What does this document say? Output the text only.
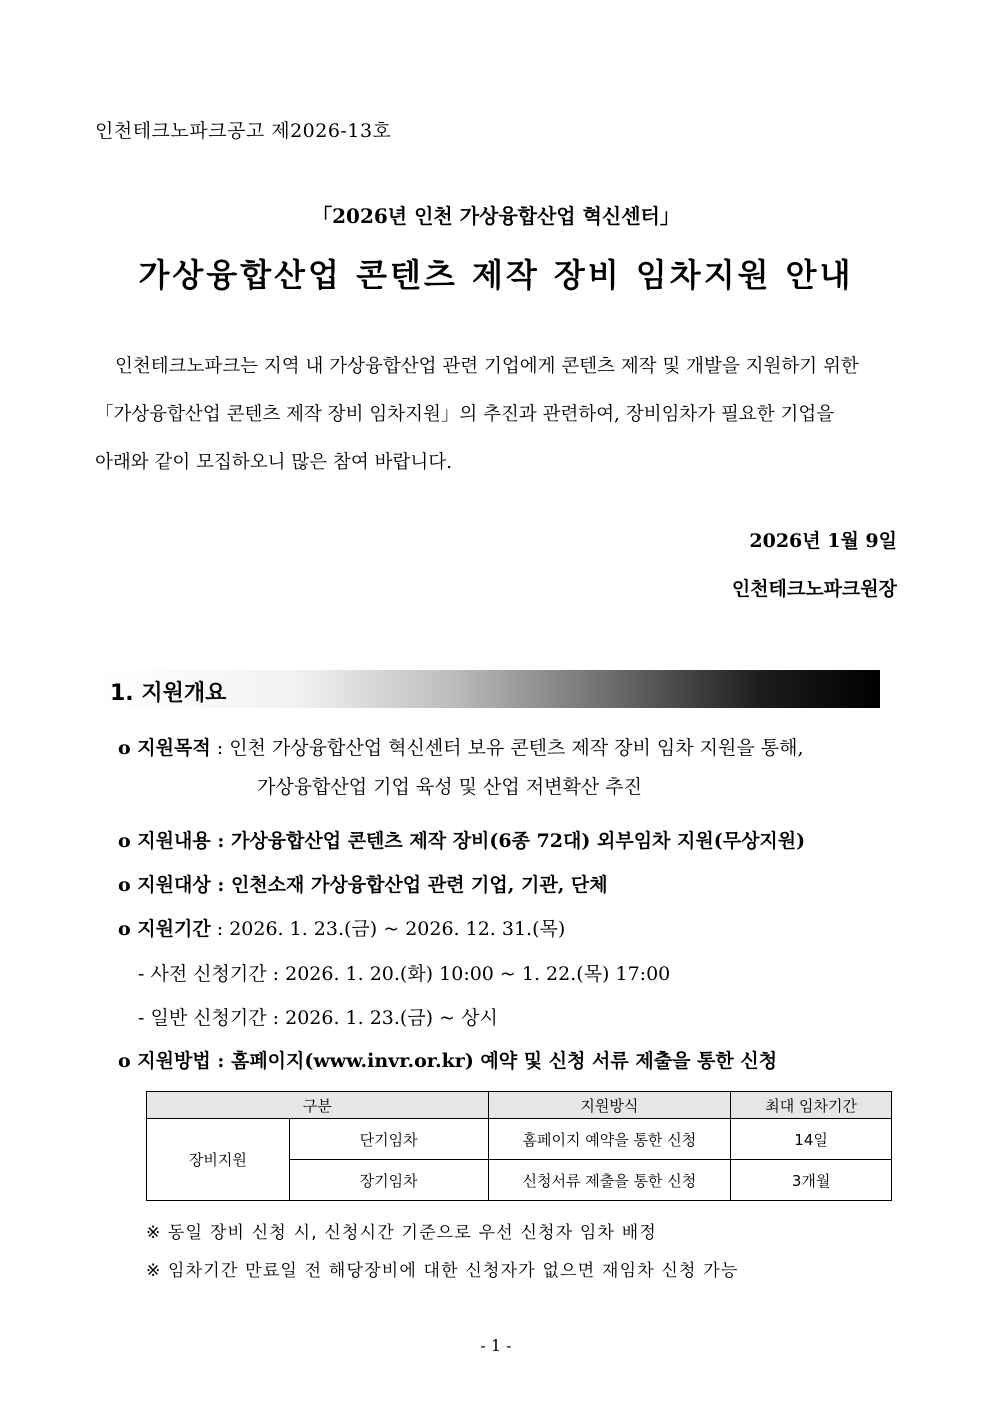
인천테크노파크공고 제2026-13호
「2026년 인천 가상융합산업 혁신센터」
가상융합산업 콘텐츠 제작 장비 임차지원 안내
인천테크노파크는 지역 내 가상융합산업 관련 기업에게 콘텐츠 제작 및 개발을 지원하기 위한
「가상융합산업 콘텐츠 제작 장비 임차지원」의 추진과 관련하여, 장비임차가 필요한 기업을
아래와 같이 모집하오니 많은 참여 바랍니다.
2026년 1월 9일
인천테크노파크원장
1. 지원개요
o 지원목적 : 인천 가상융합산업 혁신센터 보유 콘텐츠 제작 장비 임차 지원을 통해,
가상융합산업 기업 육성 및 산업 저변확산 추진
o 지원내용 : 가상융합산업 콘텐츠 제작 장비(6종 72대) 외부임차 지원(무상지원)
o 지원대상 : 인천소재 가상융합산업 관련 기업, 기관, 단체
o 지원기간 : 2026. 1. 23.(금) ~ 2026. 12. 31.(목)
- 사전 신청기간 : 2026. 1. 20.(화) 10:00 ~ 1. 22.(목) 17:00
- 일반 신청기간 : 2026. 1. 23.(금) ~ 상시
o 지원방법 : 홈페이지(www.invr.or.kr) 예약 및 신청 서류 제출을 통한 신청
구분		지원방식	최대 임차기간
장비지원	단기임차	홈페이지 예약을 통한 신청	14일
	장기임차	신청서류 제출을 통한 신청	3개월
※ 동일 장비 신청 시, 신청시간 기준으로 우선 신청자 임차 배정
※ 임차기간 만료일 전 해당장비에 대한 신청자가 없으면 재임차 신청 가능
- 1 -
